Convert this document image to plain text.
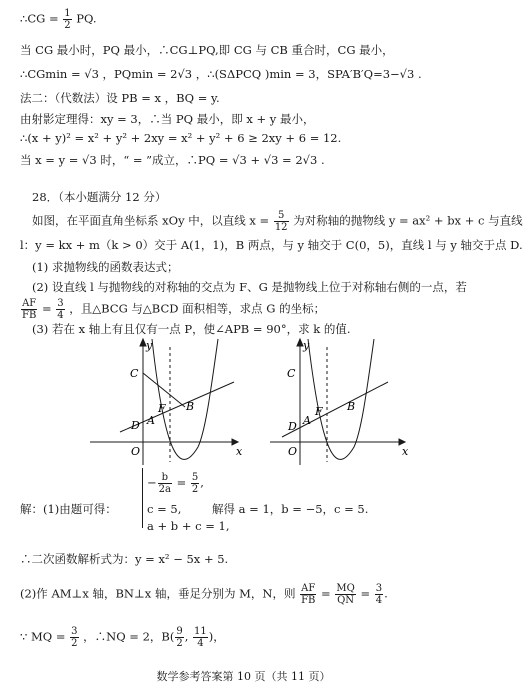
∴CG = $\frac{1}{2}$ PQ.
当 CG 最小时，PQ 最小，∴CG⊥PQ,即 CG 与 CB 重合时，CG 最小，
∴CGmin = √3 ，PQmin = 2√3 ，∴(SΔPCQ )min = 3，SPA′B′Q=3−√3 .
法二：（代数法）设 PB = x ，BQ = y.
由射影定理得：xy = 3，∴当 PQ 最小，即 x + y 最小，
∴(x + y)² = x² + y² + 2xy = x² + y² + 6 ≥ 2xy + 6 = 12.
当 x = y = √3 时，“ = ”成立，∴PQ = √3 + √3 = 2√3 .
28．（本小题满分 12 分）
如图，在平面直角坐标系 xOy 中，以直线 $x = \frac{5}{12}$ 为对称轴的抛物线 y = ax² + bx + c 与直线
l：y = kx + m（k > 0）交于 A(1，1)，B 两点，与 y 轴交于 C(0，5)，直线 l 与 y 轴交于点 D.
(1) 求抛物线的函数表达式；
(2) 设直线 l 与抛物线的对称轴的交点为 F、G 是抛物线上位于对称轴右侧的一点，若
$\frac{AF}{FB} = \frac{3}{4}$ ，且△BCG 与△BCD 面积相等，求点 G 的坐标；
(3) 若在 x 轴上有且仅有一点 P，使∠APB = 90°，求 k 的值.
y
C
F B
D A
O	x
y
C
F B
D A
O	x
解：(1)由题可得：
− $\frac{b}{2a} = \frac{5}{2}$ ,
c = 5,
a + b + c = 1,
解得 a = 1，b = −5，c = 5.
∴二次函数解析式为：y = x² − 5x + 5.
(2)作 AM⊥x 轴，BN⊥x 轴，垂足分别为 M，N，则 $\frac{AF}{FB} = \frac{MQ}{QN} = \frac{3}{4}$ .
∵ MQ = $\frac{3}{2}$ ，∴NQ = 2，$B( \frac{9}{2}$ , $\frac{11}{4}$ )，
数学参考答案第 10 页（共 11 页）
